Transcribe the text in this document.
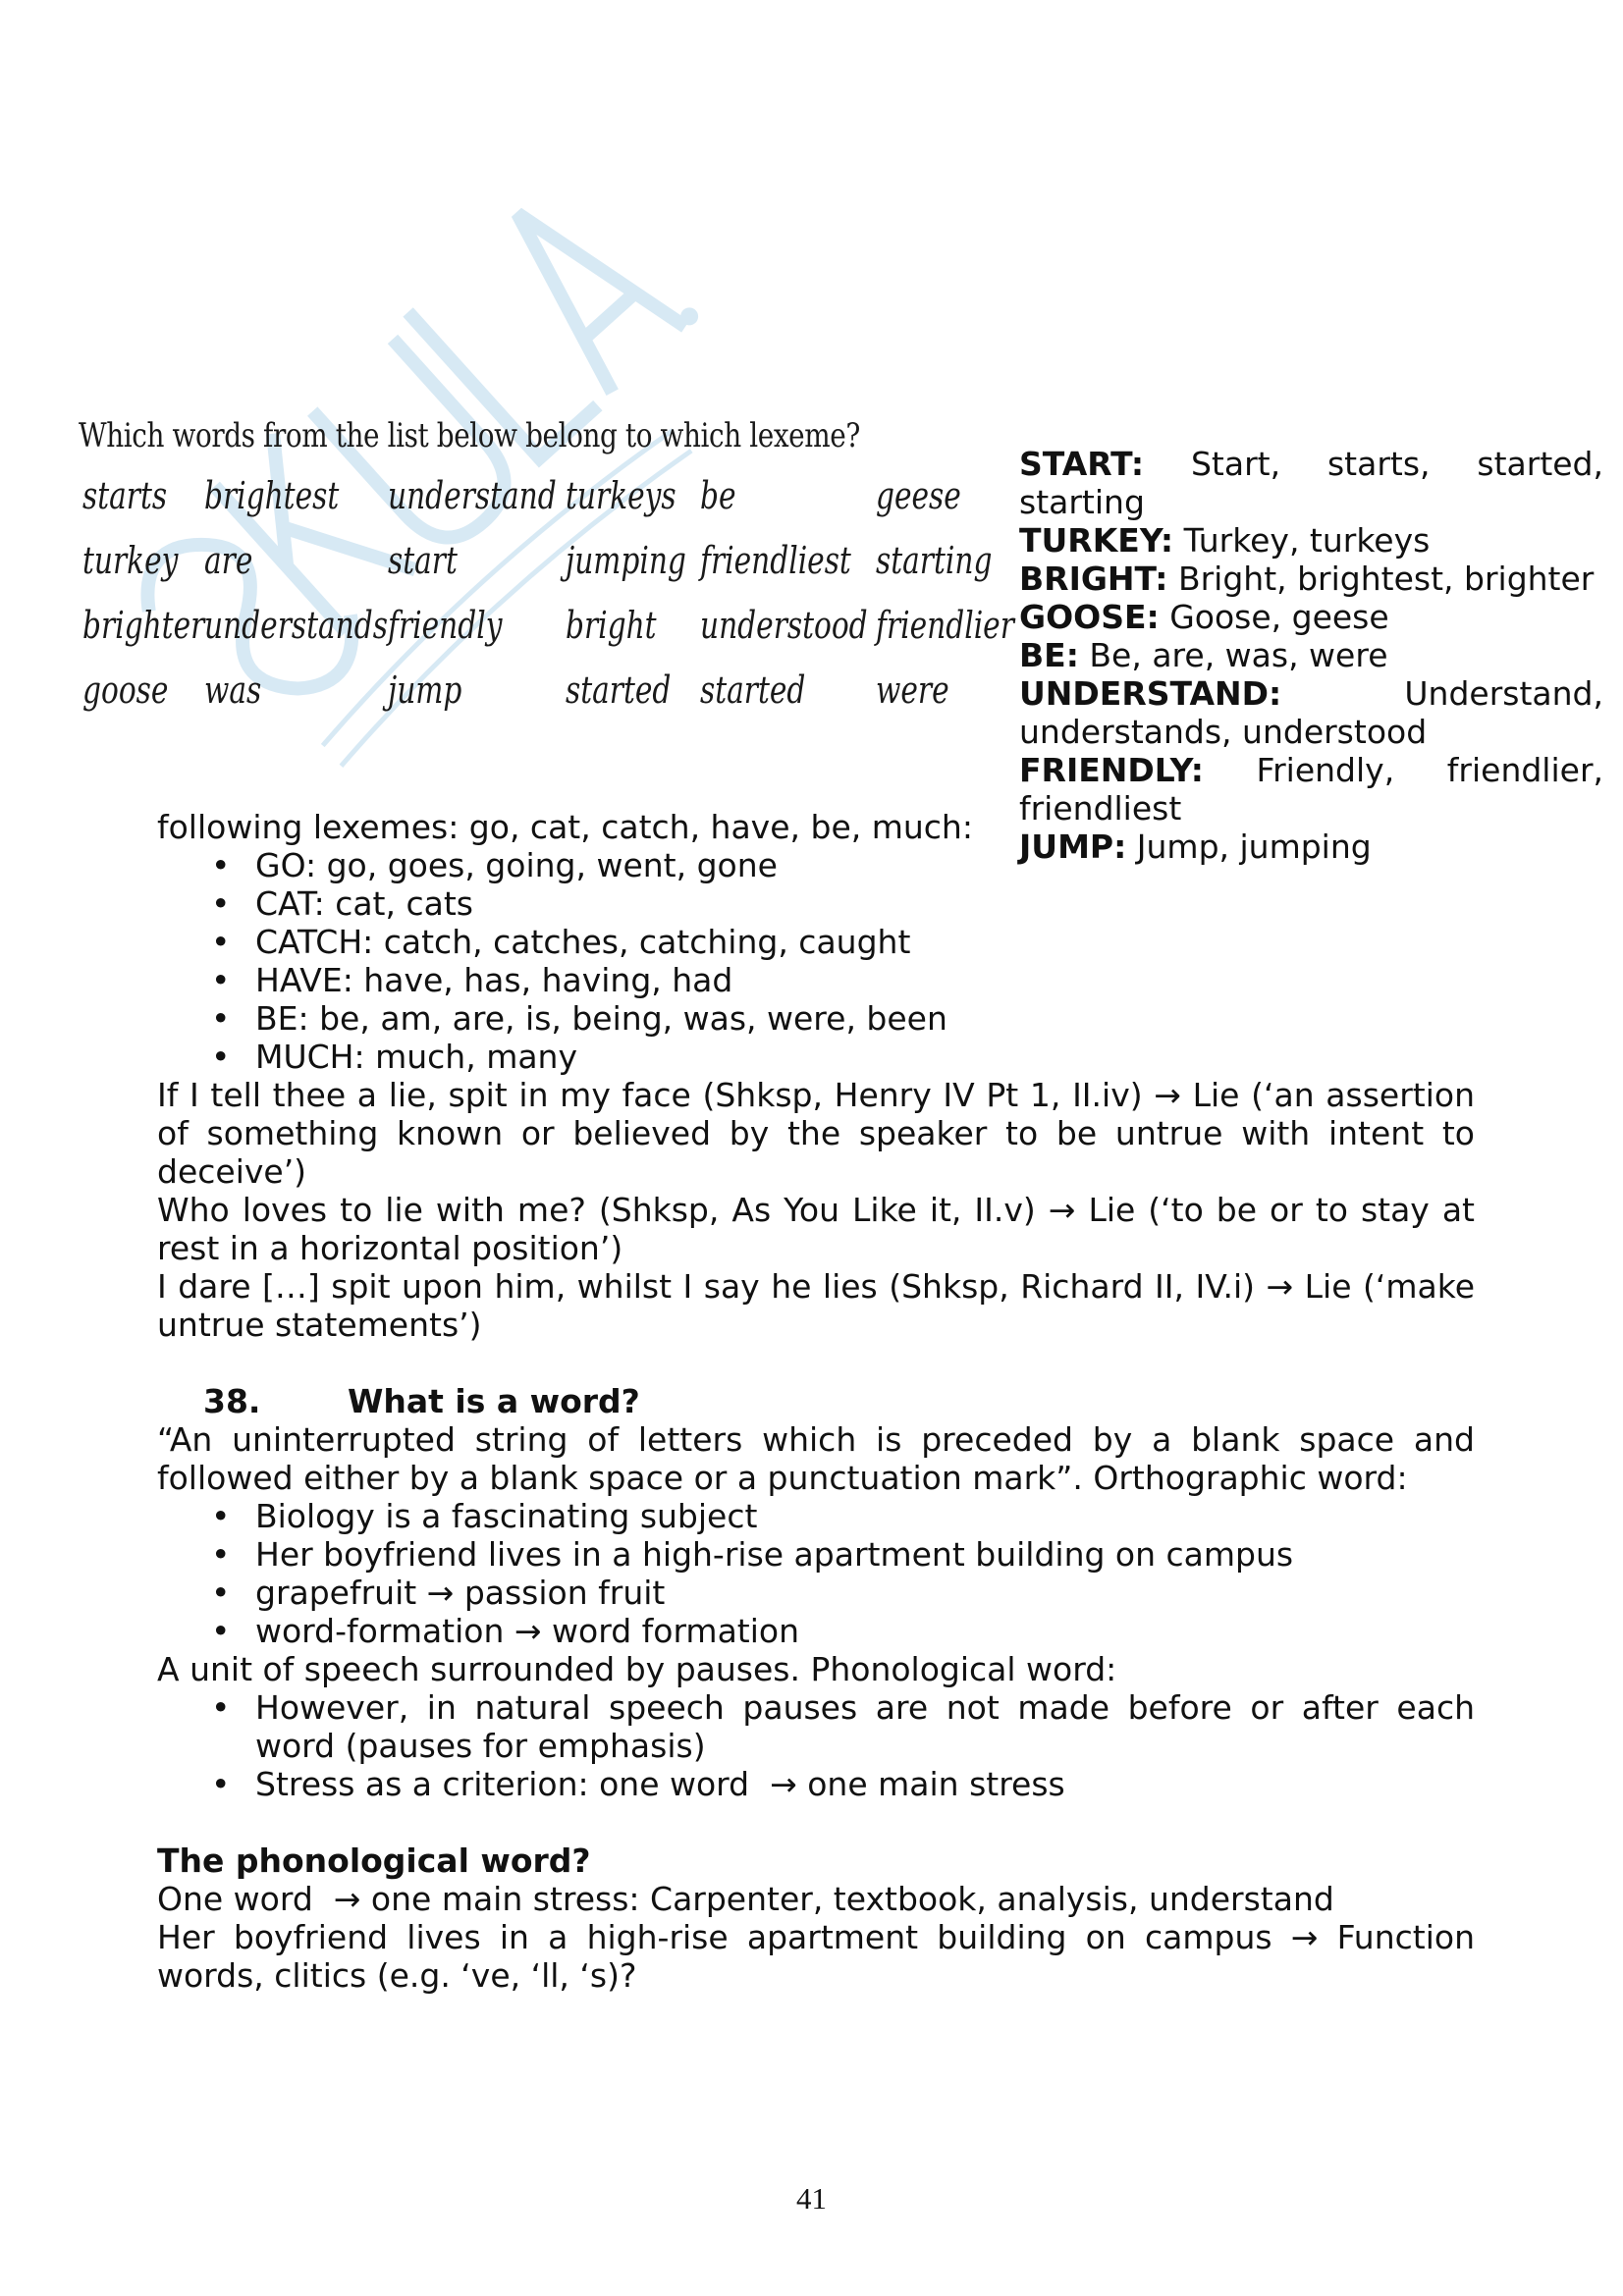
Which words from the list below belong to which lexeme?
starts brightest understand turkeys be	geese
turkey are	start	jumping friendliest starting
brighter understands friendly bright understood friendlier
goose was	jump	started started were

START: Start, starts, started, starting

TURKEY: Turkey, turkeys

BRIGHT: Bright, brightest, brighter

GOOSE: Goose, geese

BE: Be, are, was, were

UNDERSTAND:	Understand, understands, understood

FRIENDLY: Friendly, friendlier, friendliest

JUMP: Jump, jumping

following lexemes: go, cat, catch, have, be, much:

• GO: go, goes, going, went, gone
• CAT: cat, cats
• CATCH: catch, catches, catching, caught
• HAVE: have, has, having, had
• BE: be, am, are, is, being, was, were, been
• MUCH: much, many

If I tell thee a lie, spit in my face (Shksp, Henry IV Pt 1, II.iv) → Lie (‘an assertion of something known or believed by the speaker to be untrue with intent to deceive’)

Who loves to lie with me? (Shksp, As You Like it, II.v) → Lie (‘to be or to stay at rest in a horizontal position’)

I dare […] spit upon him, whilst I say he lies (Shksp, Richard II, IV.i) → Lie (‘make untrue statements’)

38.	What is a word?

“An uninterrupted string of letters which is preceded by a blank space and followed either by a blank space or a punctuation mark”. Orthographic word:

• Biology is a fascinating subject
• Her boyfriend lives in a high-rise apartment building on campus
• grapefruit → passion fruit
• word-formation → word formation

A unit of speech surrounded by pauses. Phonological word:

• However, in natural speech pauses are not made before or after each word (pauses for emphasis)
• Stress as a criterion: one word  → one main stress

The phonological word?

One word  → one main stress: Carpenter, textbook, analysis, understand

Her boyfriend lives in a high-rise apartment building on campus → Function words, clitics (e.g. ‘ve, ‘ll, ‘s)?

41
